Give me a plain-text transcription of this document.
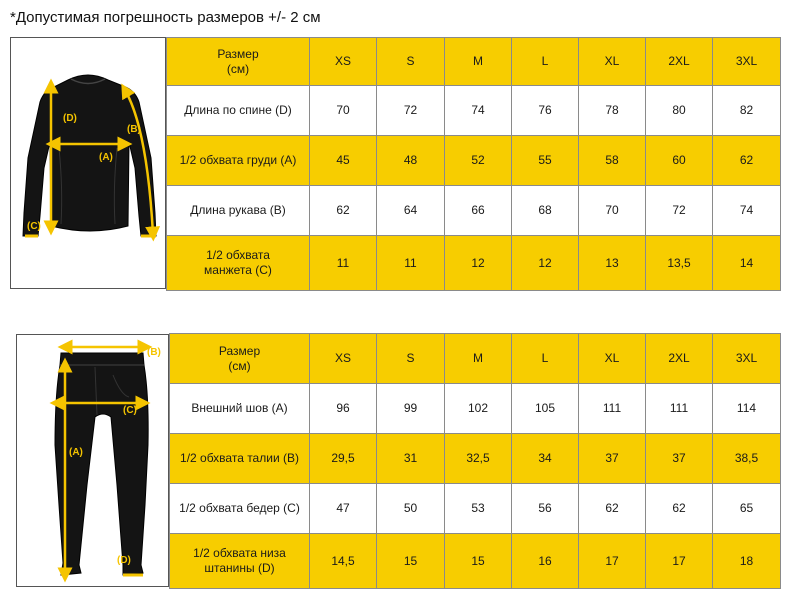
*Допустимая погрешность размеров +/- 2 см
(D)
(B)
(A)
(C)
Размер
(см)	XS	S	M	L	XL	2XL	3XL
Длина по спине (D)	70	72	74	76	78	80	82
1/2 обхвата груди (A)	45	48	52	55	58	60	62
Длина рукава (B)	62	64	66	68	70	72	74
1/2 обхвата
манжета (C)	11	11	12	12	13	13,5	14
(B)
(C)
(A)
(D)
Размер
(см)	XS	S	M	L	XL	2XL	3XL
Внешний шов (A)	96	99	102	105	111	111	114
1/2 обхвата талии (B)	29,5	31	32,5	34	37	37	38,5
1/2 обхвата бедер (C)	47	50	53	56	62	62	65
1/2 обхвата низа
штанины (D)	14,5	15	15	16	17	17	18
